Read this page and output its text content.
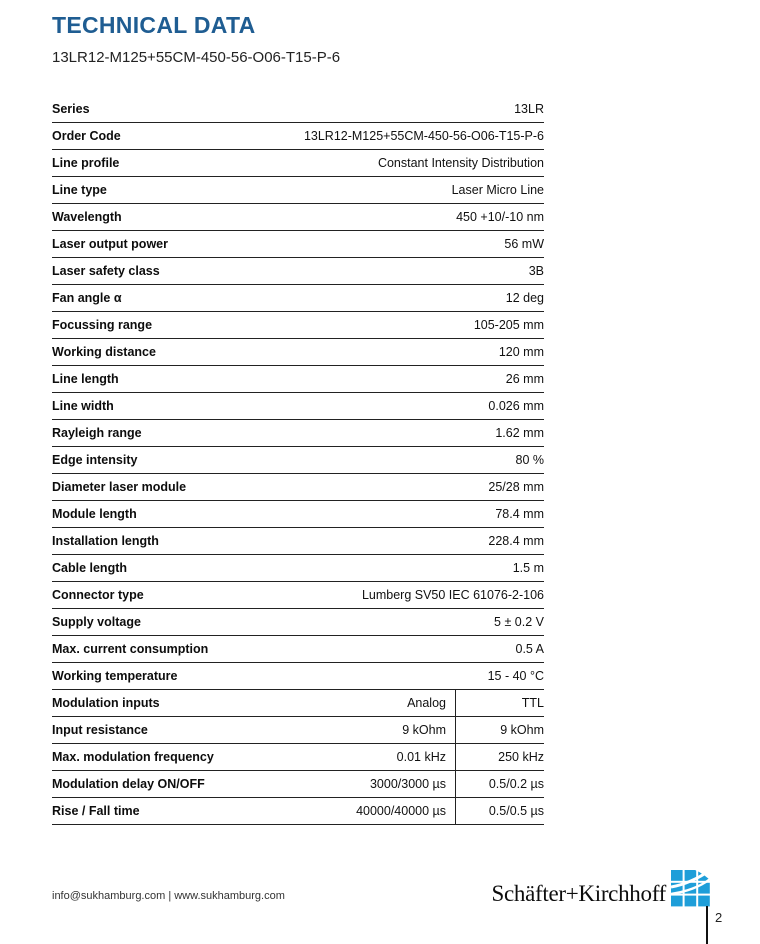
TECHNICAL DATA
13LR12-M125+55CM-450-56-O06-T15-P-6
Series	13LR
Order Code	13LR12-M125+55CM-450-56-O06-T15-P-6
Line profile	Constant Intensity Distribution
Line type	Laser Micro Line
Wavelength	450 +10/-10 nm
Laser output power	56 mW
Laser safety class	3B
Fan angle α	12 deg
Focussing range	105-205 mm
Working distance	120 mm
Line length	26 mm
Line width	0.026 mm
Rayleigh range	1.62 mm
Edge intensity	80 %
Diameter laser module	25/28 mm
Module length	78.4 mm
Installation length	228.4 mm
Cable length	1.5 m
Connector type	Lumberg SV50 IEC 61076-2-106
Supply voltage	5 ± 0.2 V
Max. current consumption	0.5 A
Working temperature	15 - 40 °C
Modulation inputs	Analog	TTL
Input resistance	9 kOhm	9 kOhm
Max. modulation frequency	0.01 kHz	250 kHz
Modulation delay ON/OFF	3000/3000 µs	0.5/0.2 µs
Rise / Fall time	40000/40000 µs	0.5/0.5 µs
info@sukhamburg.com | www.sukhamburg.com	Schäfter+Kirchhoff
2
